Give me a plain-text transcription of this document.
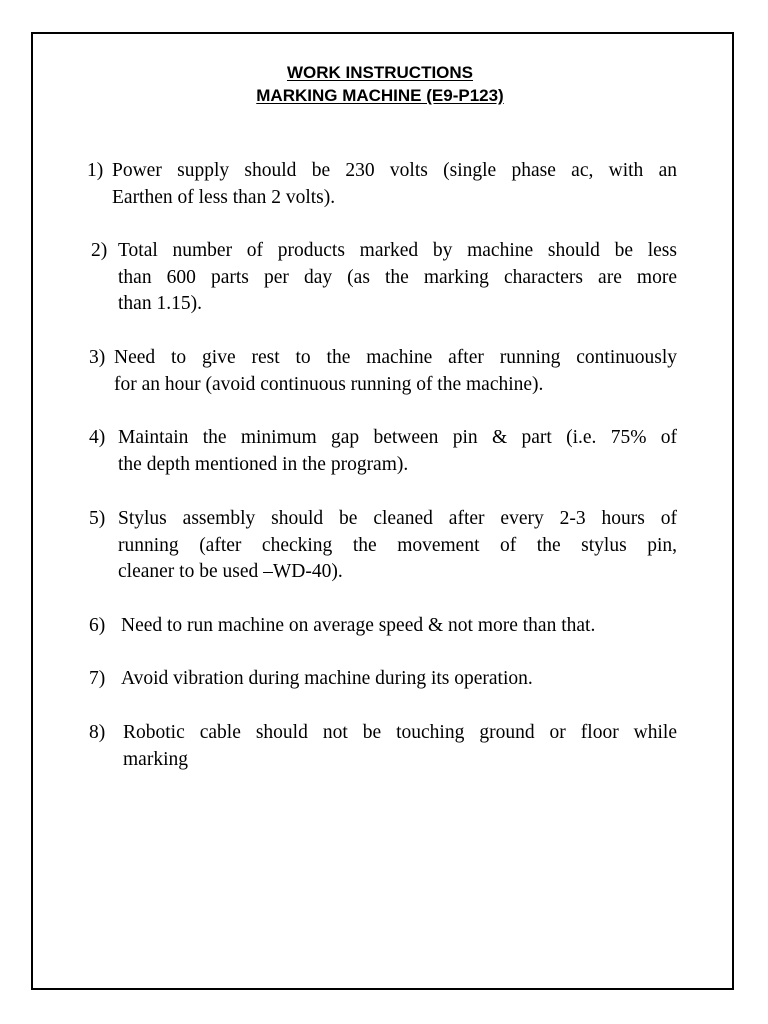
WORK INSTRUCTIONS
MARKING MACHINE (E9-P123)
1) Power supply should be 230 volts (single phase ac, with an
Earthen of less than 2 volts).
2) Total number of products marked by machine should be less
than 600 parts per day (as the marking characters are more
than 1.15).
3) Need to give rest to the machine after running continuously
for an hour (avoid continuous running of the machine).
4) Maintain the minimum gap between pin & part (i.e. 75% of
the depth mentioned in the program).
5) Stylus assembly should be cleaned after every 2-3 hours of
running (after checking the movement of the stylus pin,
cleaner to be used –WD-40).
6) Need to run machine on average speed & not more than that.
7) Avoid vibration during machine during its operation.
8) Robotic cable should not be touching ground or floor while
marking
